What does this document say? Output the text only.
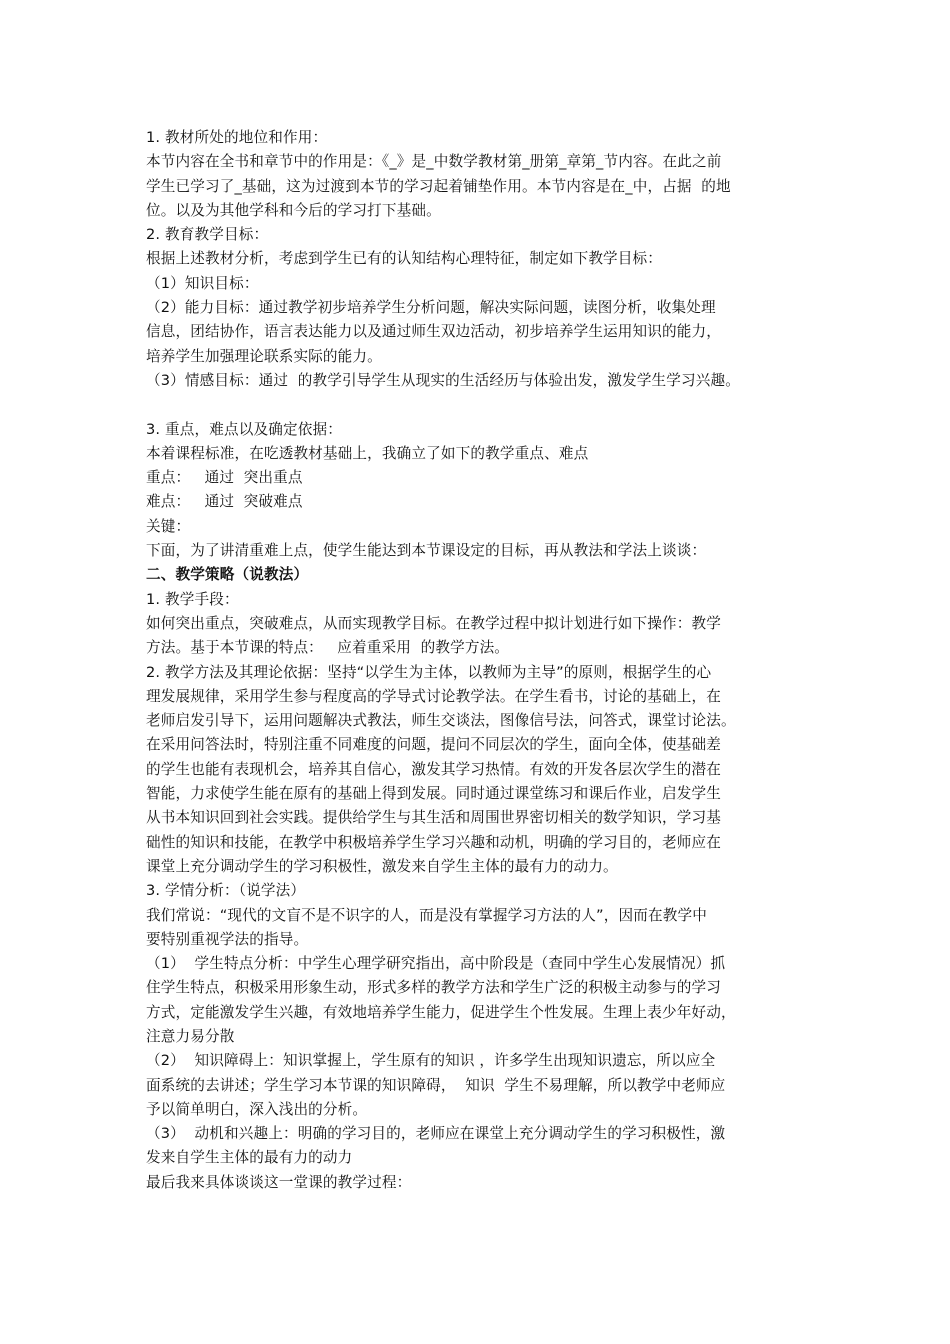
1. 教材所处的地位和作用：
本节内容在全书和章节中的作用是：《_》是_中数学教材第_册第_章第_节内容。在此之前
学生已学习了_基础，这为过渡到本节的学习起着铺垫作用。本节内容是在_中，占据  的地
位。以及为其他学科和今后的学习打下基础。
2. 教育教学目标：
根据上述教材分析，考虑到学生已有的认知结构心理特征，制定如下教学目标：
（1）知识目标：
（2）能力目标：通过教学初步培养学生分析问题，解决实际问题，读图分析，收集处理
信息，团结协作，语言表达能力以及通过师生双边活动，初步培养学生运用知识的能力，
培养学生加强理论联系实际的能力。
（3）情感目标：通过  的教学引导学生从现实的生活经历与体验出发，激发学生学习兴趣。
3. 重点，难点以及确定依据：
本着课程标准，在吃透教材基础上，我确立了如下的教学重点、难点
重点：   通过  突出重点
难点：   通过  突破难点
关键：
下面，为了讲清重难上点，使学生能达到本节课设定的目标，再从教法和学法上谈谈：
二、教学策略（说教法）
1. 教学手段：
如何突出重点，突破难点，从而实现教学目标。在教学过程中拟计划进行如下操作：教学
方法。基于本节课的特点：   应着重采用  的教学方法。
2. 教学方法及其理论依据：坚持“以学生为主体，以教师为主导”的原则，根据学生的心
理发展规律，采用学生参与程度高的学导式讨论教学法。在学生看书，讨论的基础上，在
老师启发引导下，运用问题解决式教法，师生交谈法，图像信号法，问答式，课堂讨论法。
在采用问答法时，特别注重不同难度的问题，提问不同层次的学生，面向全体，使基础差
的学生也能有表现机会，培养其自信心，激发其学习热情。有效的开发各层次学生的潜在
智能，力求使学生能在原有的基础上得到发展。同时通过课堂练习和课后作业，启发学生
从书本知识回到社会实践。提供给学生与其生活和周围世界密切相关的数学知识，学习基
础性的知识和技能，在教学中积极培养学生学习兴趣和动机，明确的学习目的，老师应在
课堂上充分调动学生的学习积极性，激发来自学生主体的最有力的动力。
3. 学情分析：（说学法）
我们常说：“现代的文盲不是不识字的人，而是没有掌握学习方法的人”，因而在教学中
要特别重视学法的指导。
（1）  学生特点分析：中学生心理学研究指出，高中阶段是（查同中学生心发展情况）抓
住学生特点，积极采用形象生动，形式多样的教学方法和学生广泛的积极主动参与的学习
方式，定能激发学生兴趣，有效地培养学生能力，促进学生个性发展。生理上表少年好动，
注意力易分散
（2）  知识障碍上：知识掌握上，学生原有的知识 ，许多学生出现知识遗忘，所以应全
面系统的去讲述；学生学习本节课的知识障碍，  知识  学生不易理解，所以教学中老师应
予以简单明白，深入浅出的分析。
（3）  动机和兴趣上：明确的学习目的，老师应在课堂上充分调动学生的学习积极性，激
发来自学生主体的最有力的动力
最后我来具体谈谈这一堂课的教学过程：
